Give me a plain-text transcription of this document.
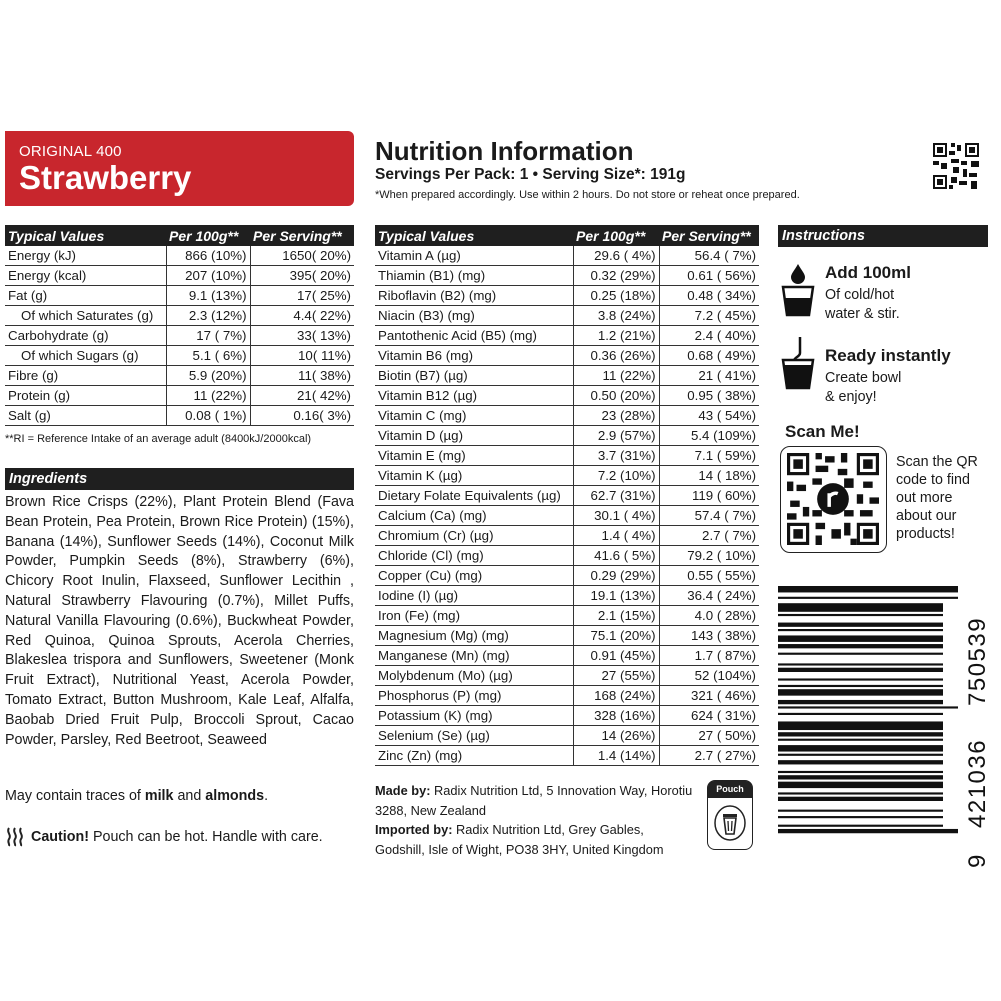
ORIGINAL 400
Strawberry
Nutrition Information
Servings Per Pack: 1 • Serving Size*: 191g
*When prepared accordingly. Use within 2 hours. Do not store or reheat once prepared.
Typical Values	Per 100g**	Per Serving**
Energy (kJ)	866 (10%)	1650( 20%)
Energy (kcal)	207 (10%)	395( 20%)
Fat (g)	9.1 (13%)	17( 25%)
Of which Saturates (g)	2.3 (12%)	4.4( 22%)
Carbohydrate (g)	17 ( 7%)	33( 13%)
Of which Sugars (g)	5.1 ( 6%)	10( 11%)
Fibre (g)	5.9 (20%)	11( 38%)
Protein (g)	11 (22%)	21( 42%)
Salt (g)	0.08 ( 1%)	0.16( 3%)
**RI = Reference Intake of an average adult (8400kJ/2000kcal)
Ingredients
Brown Rice Crisps (22%), Plant Protein Blend (Fava Bean Protein, Pea Protein, Brown Rice Protein) (15%), Banana (14%), Sunflower Seeds (14%), Coconut Milk Powder, Pumpkin Seeds (8%), Strawberry (6%), Chicory Root Inulin, Flaxseed, Sunflower Lecithin , Natural Strawberry Flavouring (0.7%), Millet Puffs, Natural Vanilla Flavouring (0.6%), Buckwheat Powder, Red Quinoa, Quinoa Sprouts, Acerola Cherries, Blakeslea trispora and Sunflowers, Sweetener (Monk Fruit Extract), Nutritional Yeast, Acerola Powder, Tomato Extract, Button Mushroom, Kale Leaf, Alfalfa, Baobab Dried Fruit Pulp, Broccoli Sprout, Cacao Powder, Parsley, Red Beetroot, Seaweed
May contain traces of milk and almonds.
Caution! Pouch can be hot. Handle with care.
Typical Values	Per 100g**	Per Serving**
Vitamin A (µg)	29.6 ( 4%)	56.4 ( 7%)
Thiamin (B1) (mg)	0.32 (29%)	0.61 ( 56%)
Riboflavin (B2) (mg)	0.25 (18%)	0.48 ( 34%)
Niacin (B3) (mg)	3.8 (24%)	7.2 ( 45%)
Pantothenic Acid (B5) (mg)	1.2 (21%)	2.4 ( 40%)
Vitamin B6 (mg)	0.36 (26%)	0.68 ( 49%)
Biotin (B7) (µg)	11 (22%)	21 ( 41%)
Vitamin B12 (µg)	0.50 (20%)	0.95 ( 38%)
Vitamin C (mg)	23 (28%)	43 ( 54%)
Vitamin D (µg)	2.9 (57%)	5.4 (109%)
Vitamin E (mg)	3.7 (31%)	7.1 ( 59%)
Vitamin K (µg)	7.2 (10%)	14 ( 18%)
Dietary Folate Equivalents (µg)	62.7 (31%)	119 ( 60%)
Calcium (Ca) (mg)	30.1 ( 4%)	57.4 ( 7%)
Chromium (Cr) (µg)	1.4 ( 4%)	2.7 ( 7%)
Chloride (Cl) (mg)	41.6 ( 5%)	79.2 ( 10%)
Copper (Cu) (mg)	0.29 (29%)	0.55 ( 55%)
Iodine (I) (µg)	19.1 (13%)	36.4 ( 24%)
Iron (Fe) (mg)	2.1 (15%)	4.0 ( 28%)
Magnesium (Mg) (mg)	75.1 (20%)	143 ( 38%)
Manganese (Mn) (mg)	0.91 (45%)	1.7 ( 87%)
Molybdenum (Mo) (µg)	27 (55%)	52 (104%)
Phosphorus (P) (mg)	168 (24%)	321 ( 46%)
Potassium (K) (mg)	328 (16%)	624 ( 31%)
Selenium (Se) (µg)	14 (26%)	27 ( 50%)
Zinc (Zn) (mg)	1.4 (14%)	2.7 ( 27%)
Made by: Radix Nutrition Ltd, 5 Innovation Way, Horotiu 3288, New Zealand
Imported by: Radix Nutrition Ltd, Grey Gables, Godshill, Isle of Wight, PO38 3HY, United Kingdom
Pouch
Instructions
Add 100ml
Of cold/hot
water & stir.
Ready instantly
Create bowl
& enjoy!
Scan Me!
Scan the QR code to find out more about our products!
9
421036
750539
